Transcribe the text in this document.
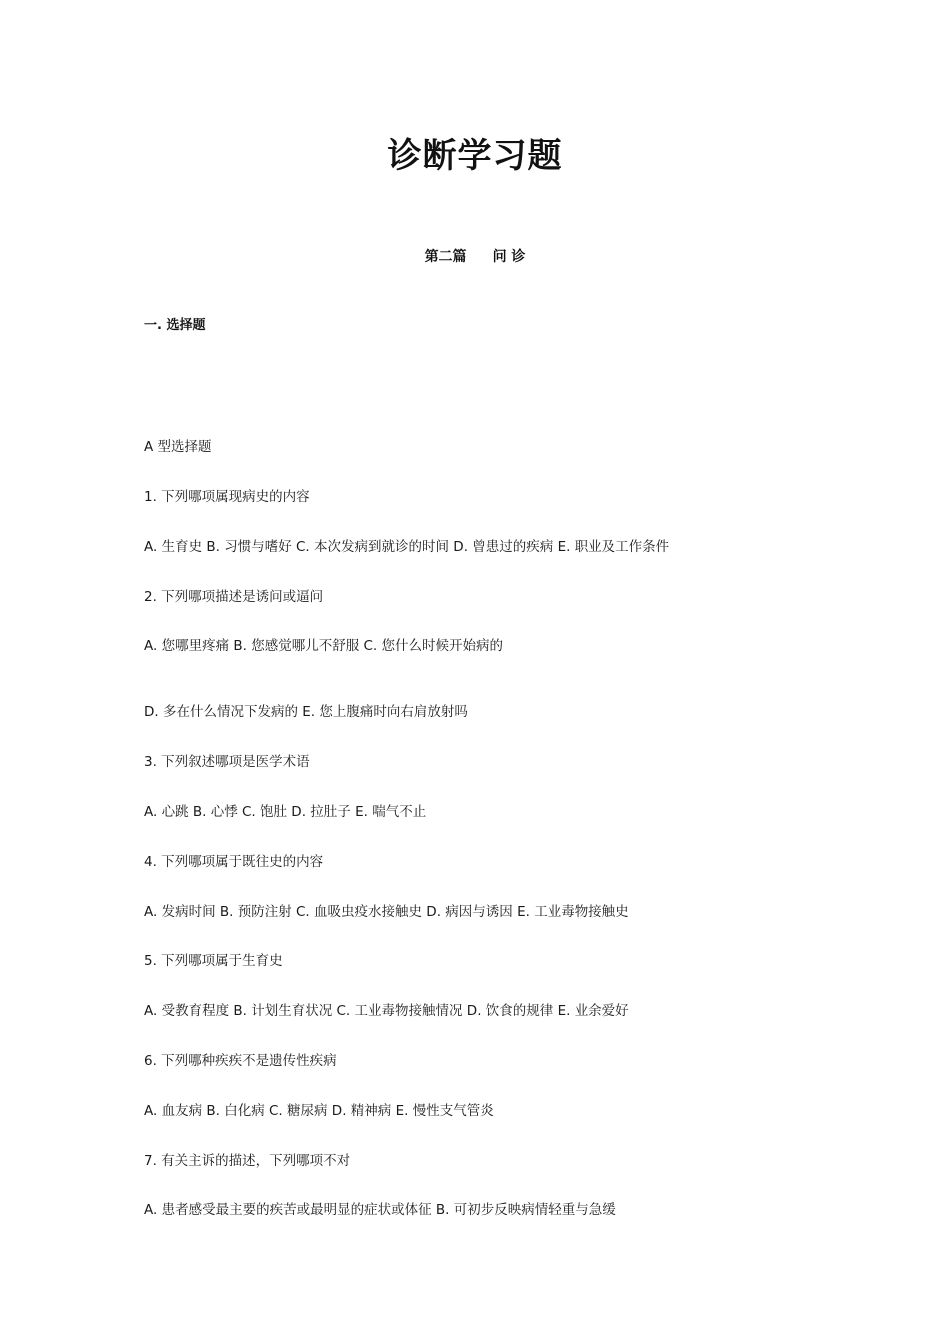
诊断学习题
第二篇 问 诊
一. 选择题
A 型选择题
1. 下列哪项属现病史的内容
A. 生育史 B. 习惯与嗜好 C. 本次发病到就诊的时间 D. 曾患过的疾病 E. 职业及工作条件
2. 下列哪项描述是诱问或逼问
A. 您哪里疼痛 B. 您感觉哪儿不舒服 C. 您什么时候开始病的
D. 多在什么情况下发病的 E. 您上腹痛时向右肩放射吗
3. 下列叙述哪项是医学术语
A. 心跳 B. 心悸 C. 饱肚 D. 拉肚子 E. 喘气不止
4. 下列哪项属于既往史的内容
A. 发病时间 B. 预防注射 C. 血吸虫疫水接触史 D. 病因与诱因 E. 工业毒物接触史
5. 下列哪项属于生育史
A. 受教育程度 B. 计划生育状况 C. 工业毒物接触情况 D. 饮食的规律 E. 业余爱好
6. 下列哪种疾疾不是遗传性疾病
A. 血友病 B. 白化病 C. 糖尿病 D. 精神病 E. 慢性支气管炎
7. 有关主诉的描述，下列哪项不对
A. 患者感受最主要的疾苦或最明显的症状或体征 B. 可初步反映病情轻重与急缓
